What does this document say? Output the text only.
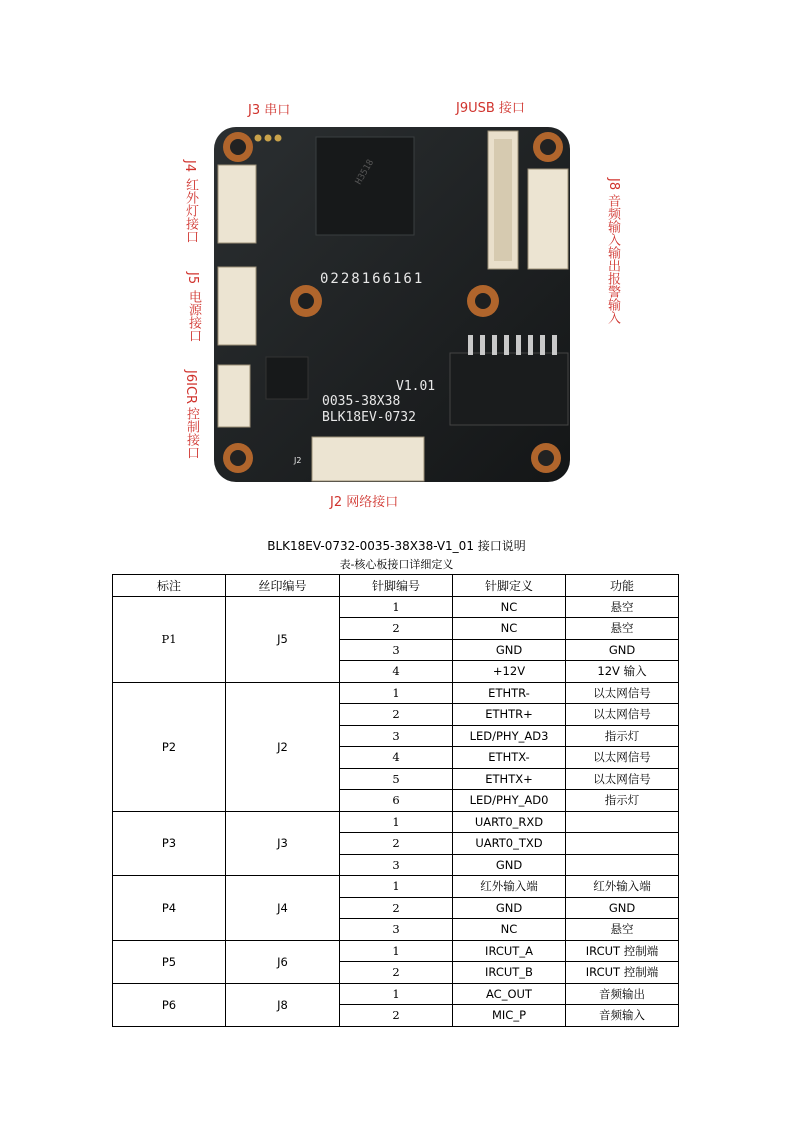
H3518
0228166161
V1.01
0035-38X38
BLK18EV-0732
J2
J3 串口	J9USB 接口
J4
红外灯接口
J5
电源接口
J6ICR
控制接口
J8
音频输入输出报警输入
J2 网络接口
BLK18EV-0732-0035-38X38-V1_01 接口说明
表-核心板接口详细定义
标注	丝印编号	针脚编号	针脚定义	功能
P1	J5	1	NC	悬空
		2	NC	悬空
		3	GND	GND
		4	+12V	12V 输入
P2	J2	1	ETHTR-	以太网信号
		2	ETHTR+	以太网信号
		3	LED/PHY_AD3	指示灯
		4	ETHTX-	以太网信号
		5	ETHTX+	以太网信号
		6	LED/PHY_AD0	指示灯
P3	J3	1	UART0_RXD	
		2	UART0_TXD	
		3	GND	
P4	J4	1	红外输入端	红外输入端
		2	GND	GND
		3	NC	悬空
P5	J6	1	IRCUT_A	IRCUT 控制端
		2	IRCUT_B	IRCUT 控制端
P6	J8	1	AC_OUT	音频输出
		2	MIC_P	音频输入
